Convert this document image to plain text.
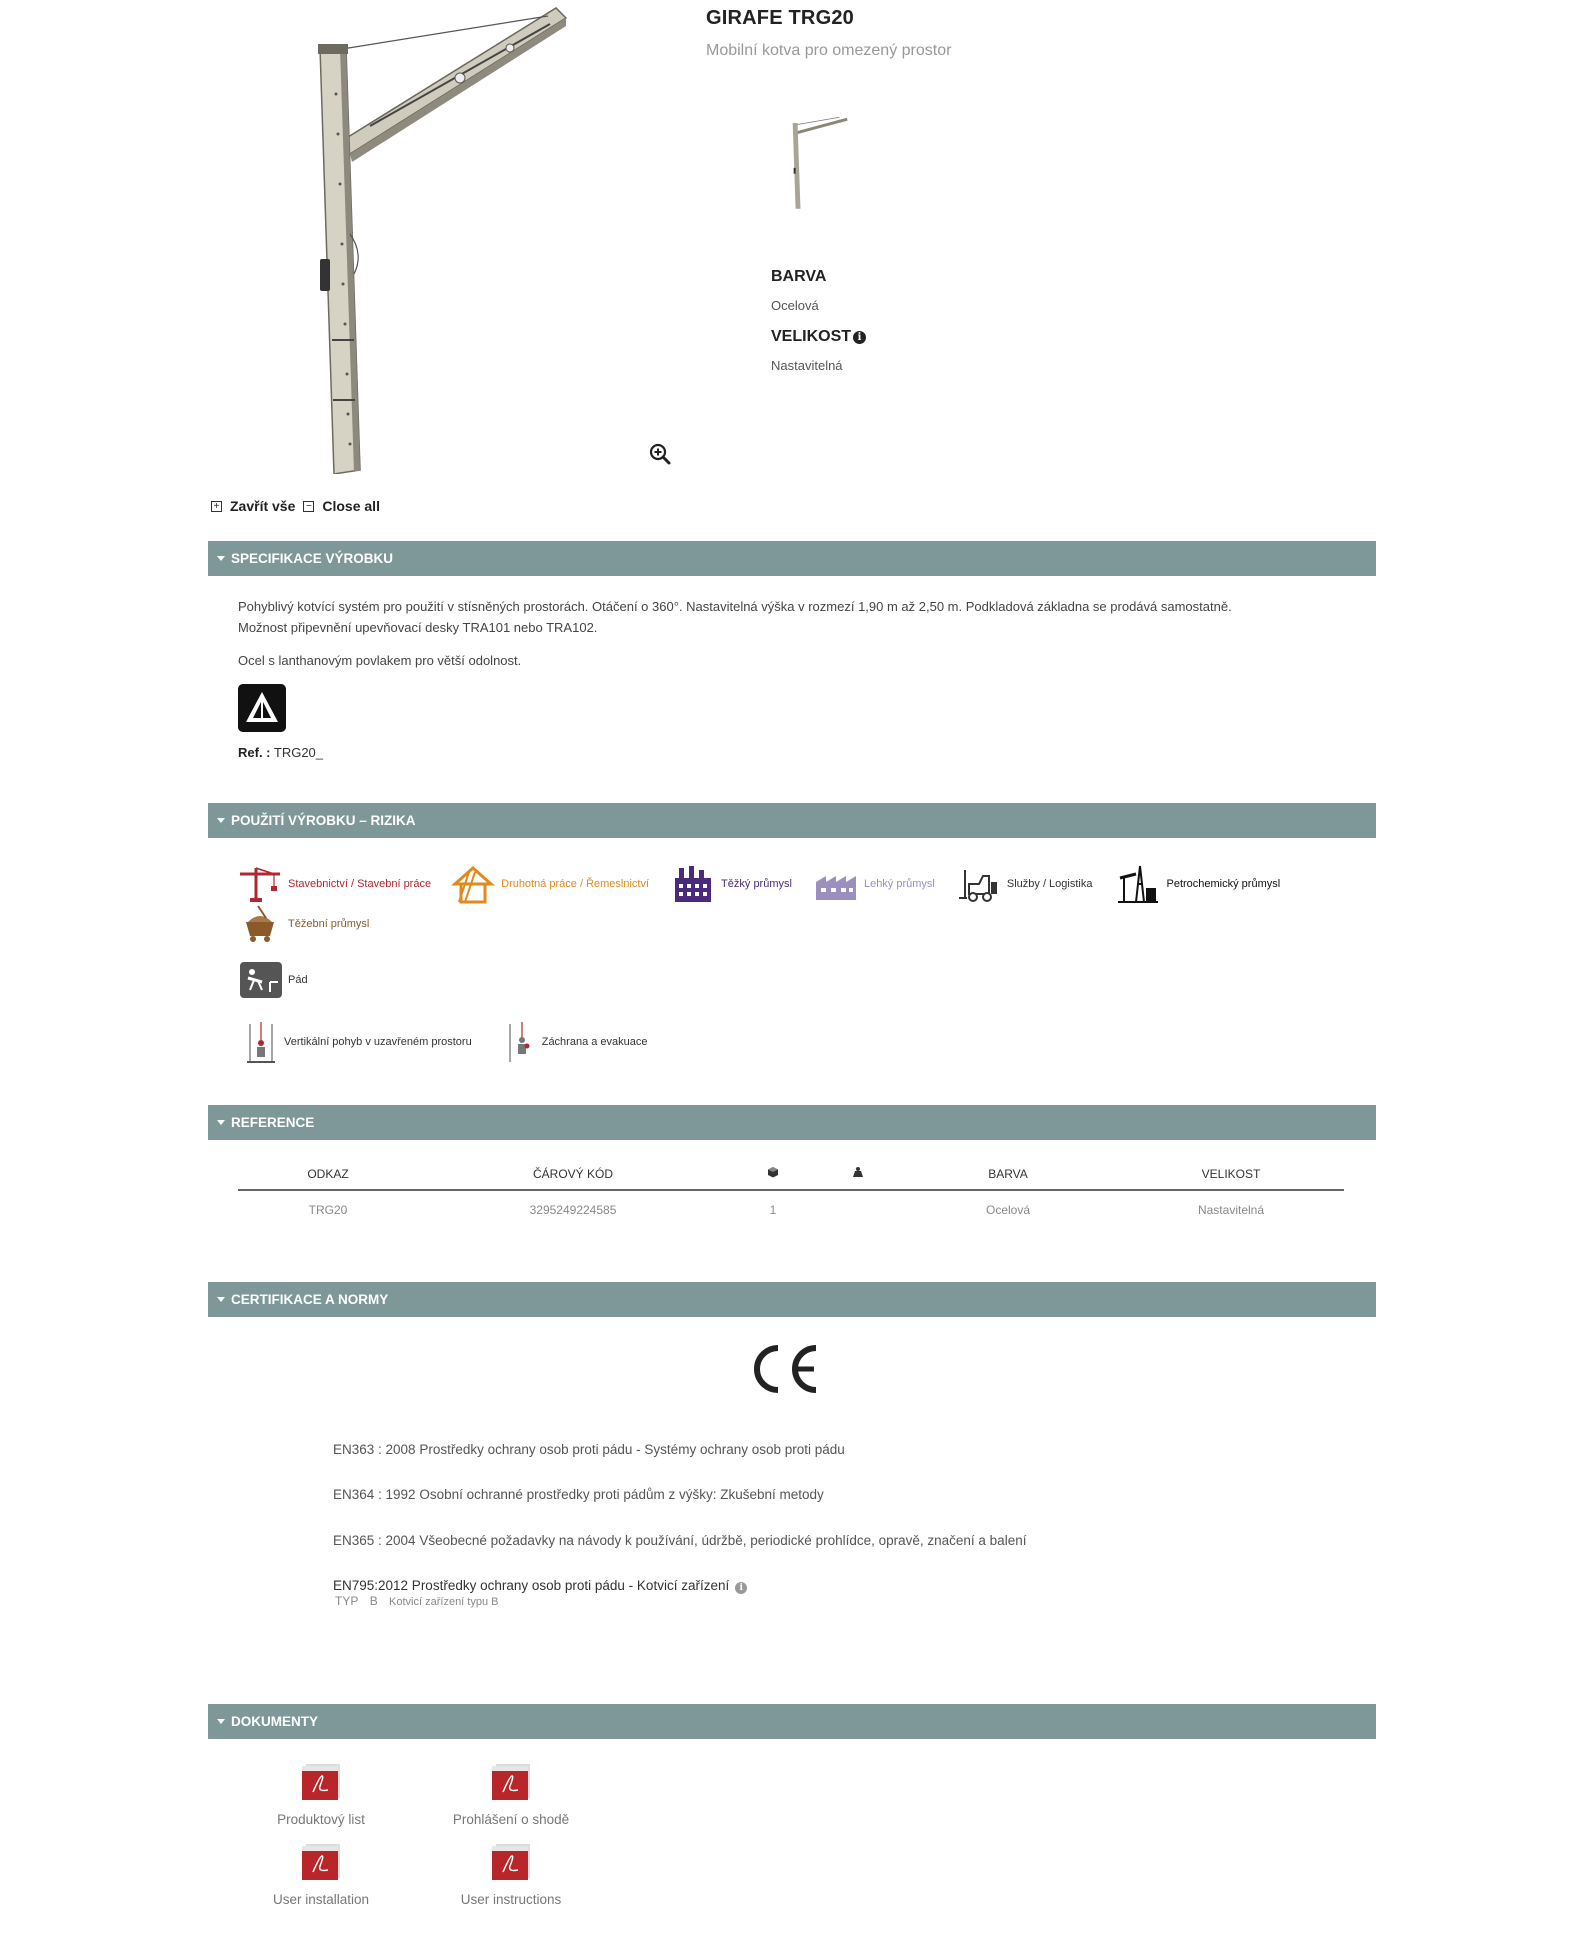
GIRAFE TRG20
Mobilní kotva pro omezený prostor
BARVA
Ocelová
VELIKOST i
Nastavitelná
+ Zavřít vše − Close all
SPECIFIKACE VÝROBKU
Pohyblivý kotvící systém pro použití v stísněných prostorách. Otáčení o 360°. Nastavitelná výška v rozmezí 1,90 m až 2,50 m. Podkladová základna se prodává samostatně.
Možnost připevnění upevňovací desky TRA101 nebo TRA102.
Ocel s lanthanovým povlakem pro větší odolnost.
Ref. : TRG20_
POUŽITÍ VÝROBKU – RIZIKA
Stavebnictví / Stavební práce	Druhotná práce / Řemeslnictví	Těžký průmysl	Lehký průmysl	Služby / Logistika	Petrochemický průmysl
Těžební průmysl
Pád
Vertikální pohyb v uzavřeném prostoru	Záchrana a evakuace
REFERENCE
ODKAZ	ČÁROVÝ KÓD			BARVA	VELIKOST
TRG20	3295249224585	1		Ocelová	Nastavitelná
CERTIFIKACE A NORMY
EN363 : 2008 Prostředky ochrany osob proti pádu - Systémy ochrany osob proti pádu
EN364 : 1992 Osobní ochranné prostředky proti pádům z výšky: Zkušební metody
EN365 : 2004 Všeobecné požadavky na návody k používání, údržbě, periodické prohlídce, opravě, značení a balení
EN795:2012 Prostředky ochrany osob proti pádu - Kotvicí zařízení i
TYP B Kotvicí zařízení typu B
DOKUMENTY
Produktový list	Prohlášení o shodě
User installation	User instructions
